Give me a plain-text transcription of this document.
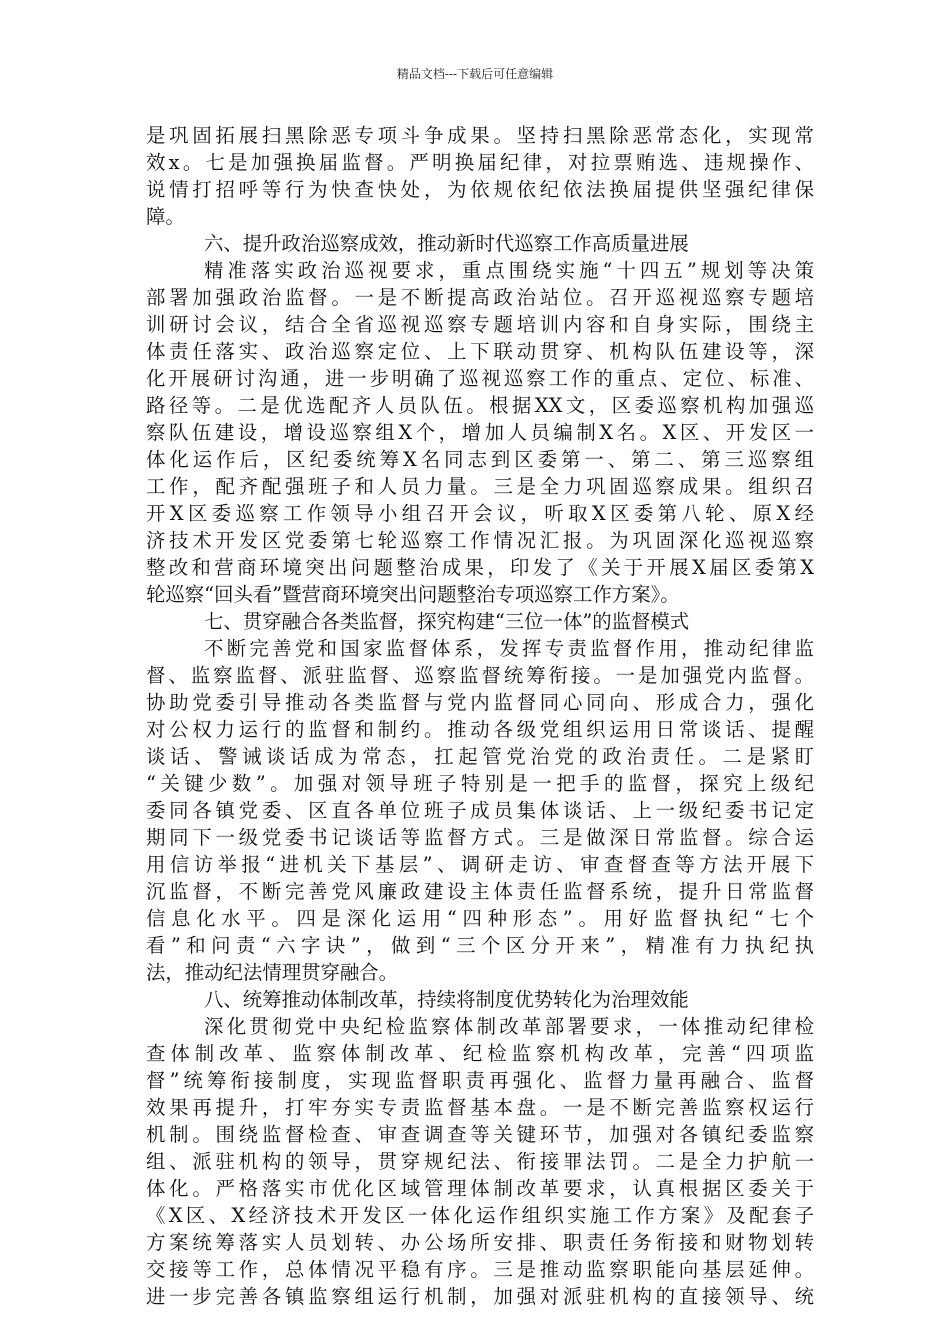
精品文档---下载后可任意编辑
是巩固拓展扫黑除恶专项斗争成果。坚持扫黑除恶常态化，实现常
效x。七是加强换届监督。严明换届纪律，对拉票贿选、违规操作、
说情打招呼等行为快查快处，为依规依纪依法换届提供坚强纪律保
障。
六、提升政治巡察成效，推动新时代巡察工作高质量进展
精准落实政治巡视要求，重点围绕实施“十四五”规划等决策
部署加强政治监督。一是不断提高政治站位。召开巡视巡察专题培
训研讨会议，结合全省巡视巡察专题培训内容和自身实际，围绕主
体责任落实、政治巡察定位、上下联动贯穿、机构队伍建设等，深
化开展研讨沟通，进一步明确了巡视巡察工作的重点、定位、标准、
路径等。二是优选配齐人员队伍。根据XX文，区委巡察机构加强巡
察队伍建设，增设巡察组X个，增加人员编制X名。X区、开发区一
体化运作后，区纪委统筹X名同志到区委第一、第二、第三巡察组
工作，配齐配强班子和人员力量。三是全力巩固巡察成果。组织召
开X区委巡察工作领导小组召开会议，听取X区委第八轮、原X经
济技术开发区党委第七轮巡察工作情况汇报。为巩固深化巡视巡察
整改和营商环境突出问题整治成果，印发了《关于开展X届区委第X
轮巡察“回头看”暨营商环境突出问题整治专项巡察工作方案》。
七、贯穿融合各类监督，探究构建“三位一体”的监督模式
不断完善党和国家监督体系，发挥专责监督作用，推动纪律监
督、监察监督、派驻监督、巡察监督统筹衔接。一是加强党内监督。
协助党委引导推动各类监督与党内监督同心同向、形成合力，强化
对公权力运行的监督和制约。推动各级党组织运用日常谈话、提醒
谈话、警诫谈话成为常态，扛起管党治党的政治责任。二是紧盯
“关键少数”。加强对领导班子特别是一把手的监督，探究上级纪
委同各镇党委、区直各单位班子成员集体谈话、上一级纪委书记定
期同下一级党委书记谈话等监督方式。三是做深日常监督。综合运
用信访举报“进机关下基层”、调研走访、审查督查等方法开展下
沉监督，不断完善党风廉政建设主体责任监督系统，提升日常监督
信息化水平。四是深化运用“四种形态”。用好监督执纪“七个
看”和问责“六字诀”，做到“三个区分开来”，精准有力执纪执
法，推动纪法情理贯穿融合。
八、统筹推动体制改革，持续将制度优势转化为治理效能
深化贯彻党中央纪检监察体制改革部署要求，一体推动纪律检
查体制改革、监察体制改革、纪检监察机构改革，完善“四项监
督”统筹衔接制度，实现监督职责再强化、监督力量再融合、监督
效果再提升，打牢夯实专责监督基本盘。一是不断完善监察权运行
机制。围绕监督检查、审查调查等关键环节，加强对各镇纪委监察
组、派驻机构的领导，贯穿规纪法、衔接罪法罚。二是全力护航一
体化。严格落实市优化区域管理体制改革要求，认真根据区委关于
《X区、X经济技术开发区一体化运作组织实施工作方案》及配套子
方案统筹落实人员划转、办公场所安排、职责任务衔接和财物划转
交接等工作，总体情况平稳有序。三是推动监察职能向基层延伸。
进一步完善各镇监察组运行机制，加强对派驻机构的直接领导、统
